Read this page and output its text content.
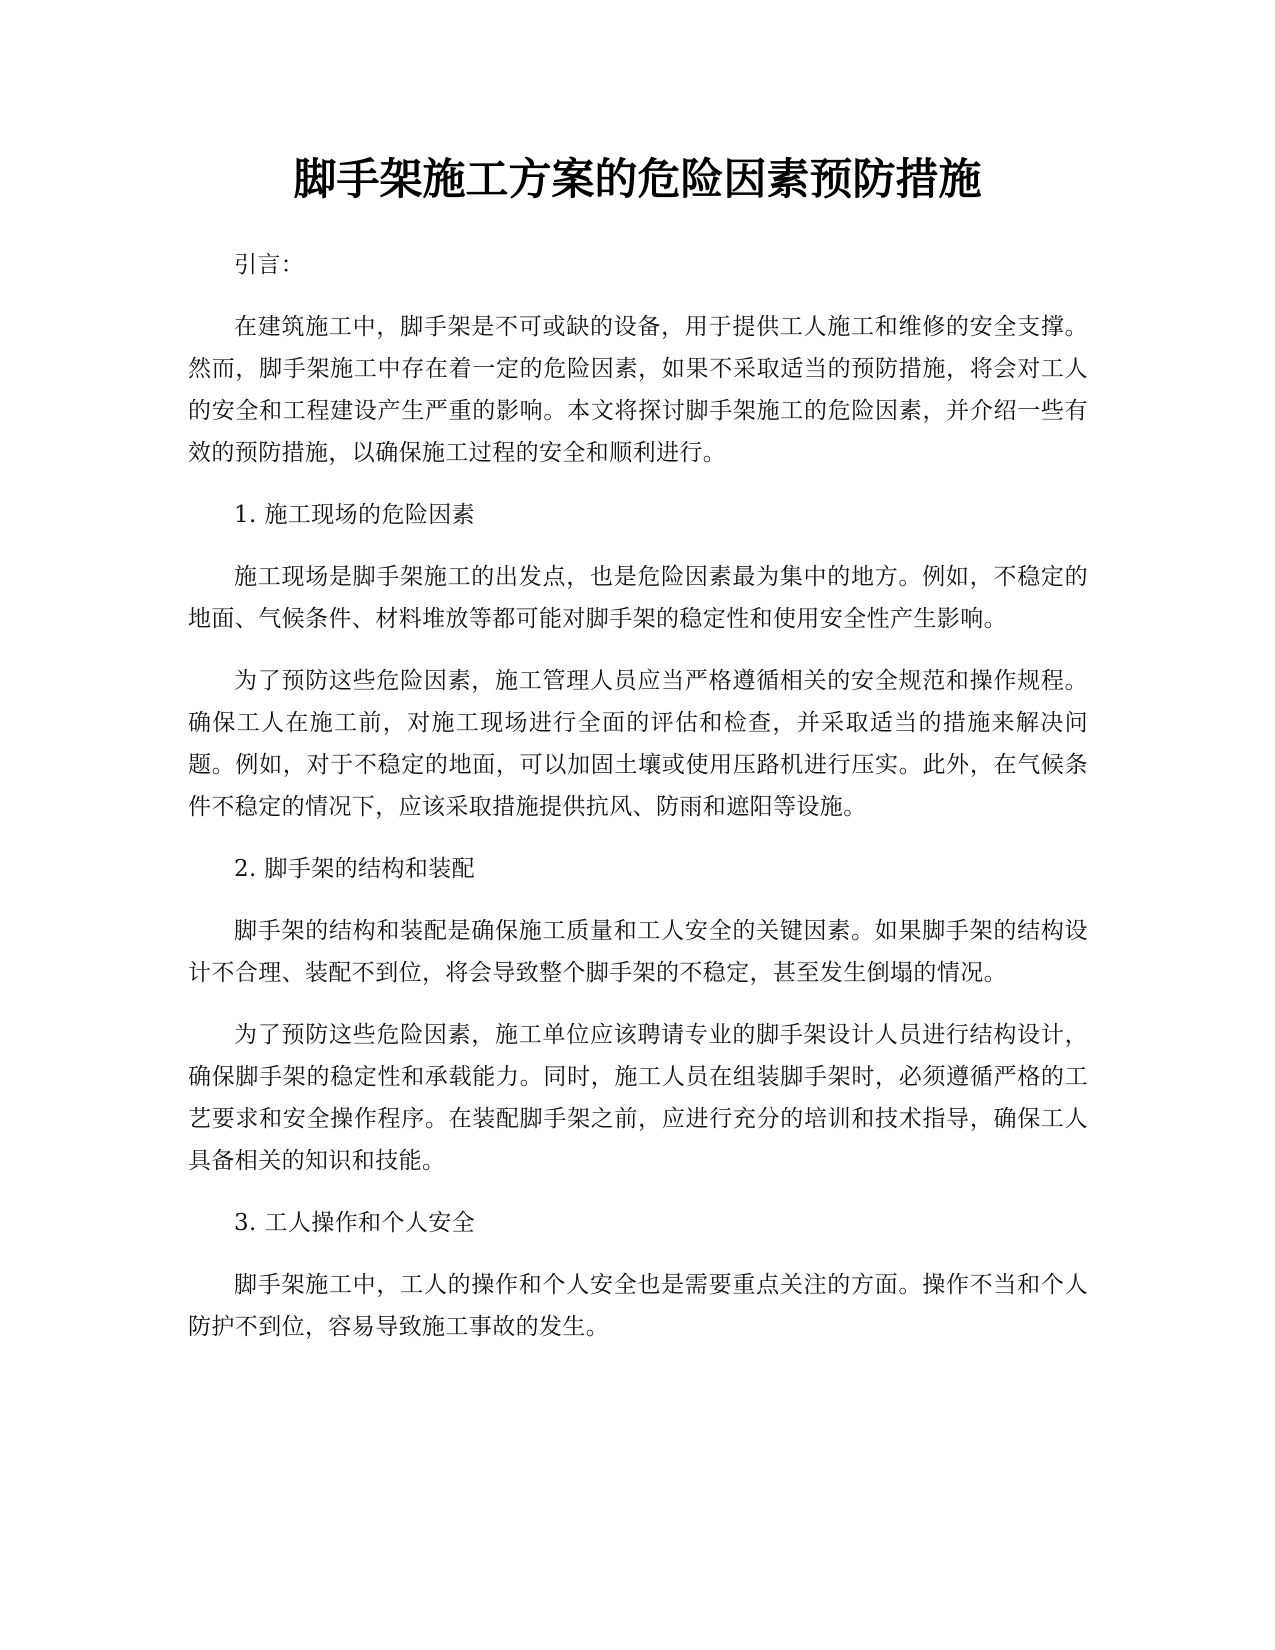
脚手架施工方案的危险因素预防措施

引言：

在建筑施工中，脚手架是不可或缺的设备，用于提供工人施工和维修的安全支撑。然而，脚手架施工中存在着一定的危险因素，如果不采取适当的预防措施，将会对工人的安全和工程建设产生严重的影响。本文将探讨脚手架施工的危险因素，并介绍一些有效的预防措施，以确保施工过程的安全和顺利进行。

1. 施工现场的危险因素

施工现场是脚手架施工的出发点，也是危险因素最为集中的地方。例如，不稳定的地面、气候条件、材料堆放等都可能对脚手架的稳定性和使用安全性产生影响。

为了预防这些危险因素，施工管理人员应当严格遵循相关的安全规范和操作规程。确保工人在施工前，对施工现场进行全面的评估和检查，并采取适当的措施来解决问题。例如，对于不稳定的地面，可以加固土壤或使用压路机进行压实。此外，在气候条件不稳定的情况下，应该采取措施提供抗风、防雨和遮阳等设施。

2. 脚手架的结构和装配

脚手架的结构和装配是确保施工质量和工人安全的关键因素。如果脚手架的结构设计不合理、装配不到位，将会导致整个脚手架的不稳定，甚至发生倒塌的情况。

为了预防这些危险因素，施工单位应该聘请专业的脚手架设计人员进行结构设计，确保脚手架的稳定性和承载能力。同时，施工人员在组装脚手架时，必须遵循严格的工艺要求和安全操作程序。在装配脚手架之前，应进行充分的培训和技术指导，确保工人具备相关的知识和技能。

3. 工人操作和个人安全

脚手架施工中，工人的操作和个人安全也是需要重点关注的方面。操作不当和个人防护不到位，容易导致施工事故的发生。
